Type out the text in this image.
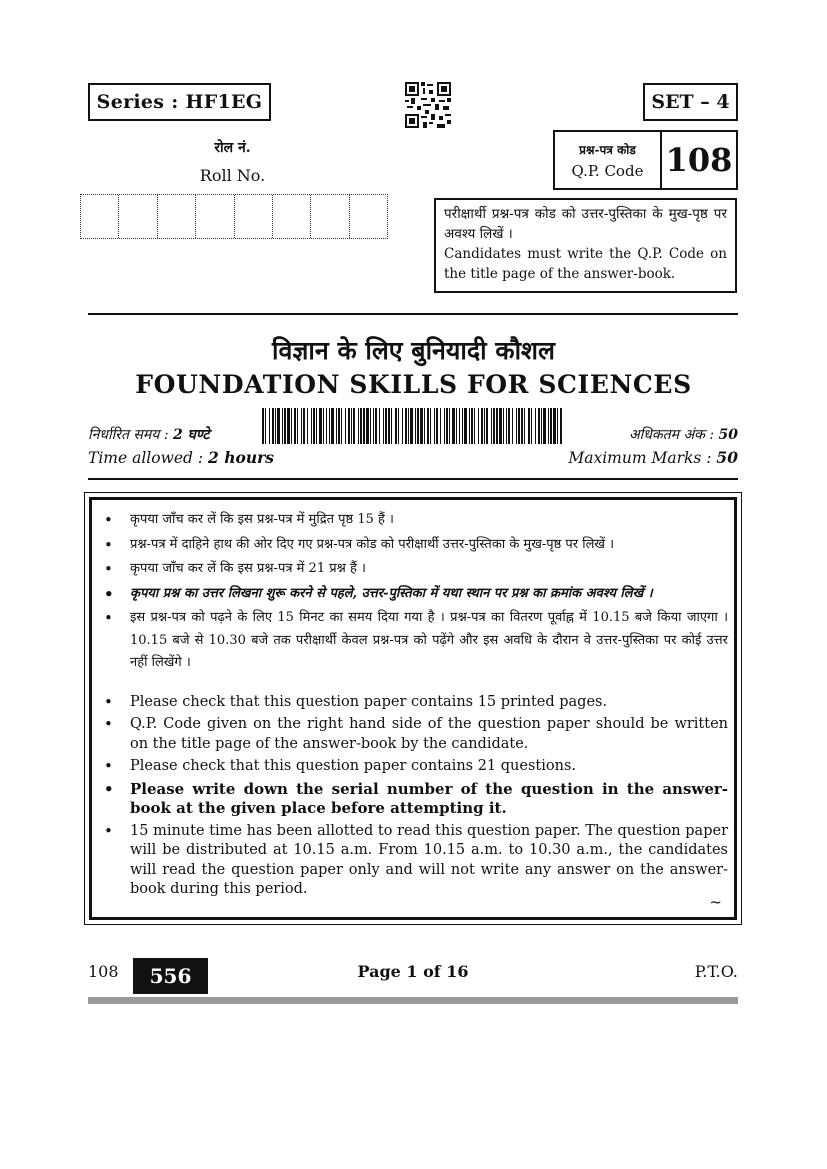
Series : HF1EG	SET – 4
रोल नं.
Roll No.
प्रश्न-पत्र कोड
Q.P. Code 108
परीक्षार्थी प्रश्न-पत्र कोड को उत्तर-पुस्तिका के मुख-पृष्ठ पर अवश्य लिखें ।
Candidates must write the Q.P. Code on the title page of the answer-book.
विज्ञान के लिए बुनियादी कौशल
FOUNDATION SKILLS FOR SCIENCES
निर्धारित समय : 2 घण्टे
Time allowed : 2 hours
अधिकतम अंक : 50
Maximum Marks : 50
• कृपया जाँच कर लें कि इस प्रश्न-पत्र में मुद्रित पृष्ठ 15 हैं ।
• प्रश्न-पत्र में दाहिने हाथ की ओर दिए गए प्रश्न-पत्र कोड को परीक्षार्थी उत्तर-पुस्तिका के मुख-पृष्ठ पर लिखें ।
• कृपया जाँच कर लें कि इस प्रश्न-पत्र में 21 प्रश्न हैं ।
• कृपया प्रश्न का उत्तर लिखना शुरू करने से पहले, उत्तर-पुस्तिका में यथा स्थान पर प्रश्न का क्रमांक अवश्य लिखें ।
• इस प्रश्न-पत्र को पढ़ने के लिए 15 मिनट का समय दिया गया है । प्रश्न-पत्र का वितरण पूर्वाह्न में 10.15 बजे किया जाएगा । 10.15 बजे से 10.30 बजे तक परीक्षार्थी केवल प्रश्न-पत्र को पढ़ेंगे और इस अवधि के दौरान वे उत्तर-पुस्तिका पर कोई उत्तर नहीं लिखेंगे ।
• Please check that this question paper contains 15 printed pages.
• Q.P. Code given on the right hand side of the question paper should be written on the title page of the answer-book by the candidate.
• Please check that this question paper contains 21 questions.
• Please write down the serial number of the question in the answer-book at the given place before attempting it.
• 15 minute time has been allotted to read this question paper. The question paper will be distributed at 10.15 a.m. From 10.15 a.m. to 10.30 a.m., the candidates will read the question paper only and will not write any answer on the answer-book during this period.
~
108	556	Page 1 of 16	P.T.O.
